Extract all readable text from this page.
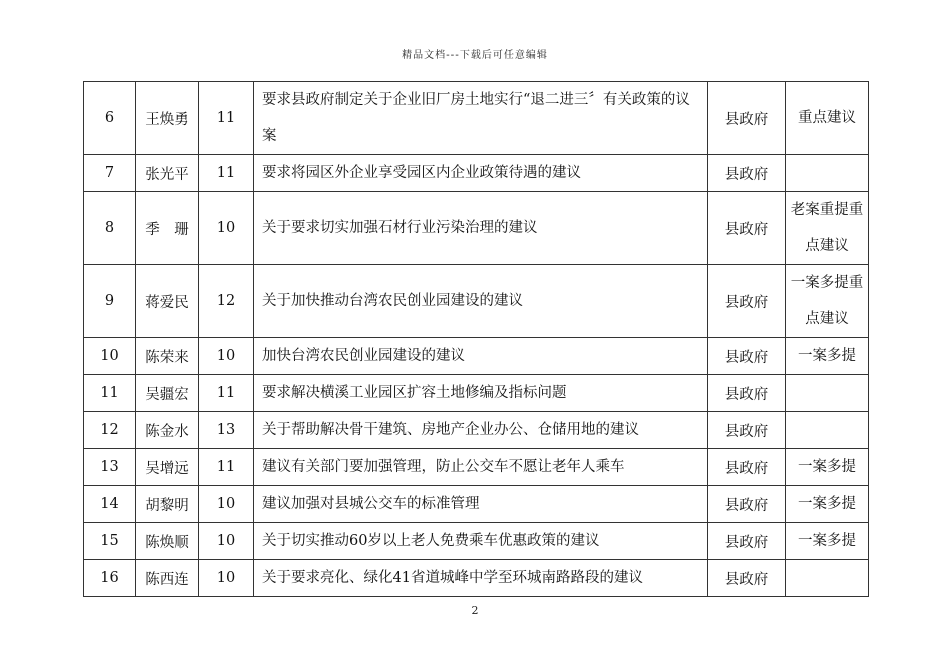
精品文档---下载后可任意编辑
6	王焕勇	11	要求县政府制定关于企业旧厂房土地实行“退二进三〞有关政策的议案	县政府	重点建议
7	张光平	11	要求将园区外企业享受园区内企业政策待遇的建议	县政府	
8	季　珊	10	关于要求切实加强石材行业污染治理的建议	县政府	老案重提重点建议
9	蒋爱民	12	关于加快推动台湾农民创业园建设的建议	县政府	一案多提重点建议
10	陈荣来	10	加快台湾农民创业园建设的建议	县政府	一案多提
11	吴疆宏	11	要求解决横溪工业园区扩容土地修编及指标问题	县政府	
12	陈金水	13	关于帮助解决骨干建筑、房地产企业办公、仓储用地的建议	县政府	
13	吴增远	11	建议有关部门要加强管理，防止公交车不愿让老年人乘车	县政府	一案多提
14	胡黎明	10	建议加强对县城公交车的标准管理	县政府	一案多提
15	陈焕顺	10	关于切实推动60岁以上老人免费乘车优惠政策的建议	县政府	一案多提
16	陈西连	10	关于要求亮化、绿化41省道城峰中学至环城南路路段的建议	县政府	
2
